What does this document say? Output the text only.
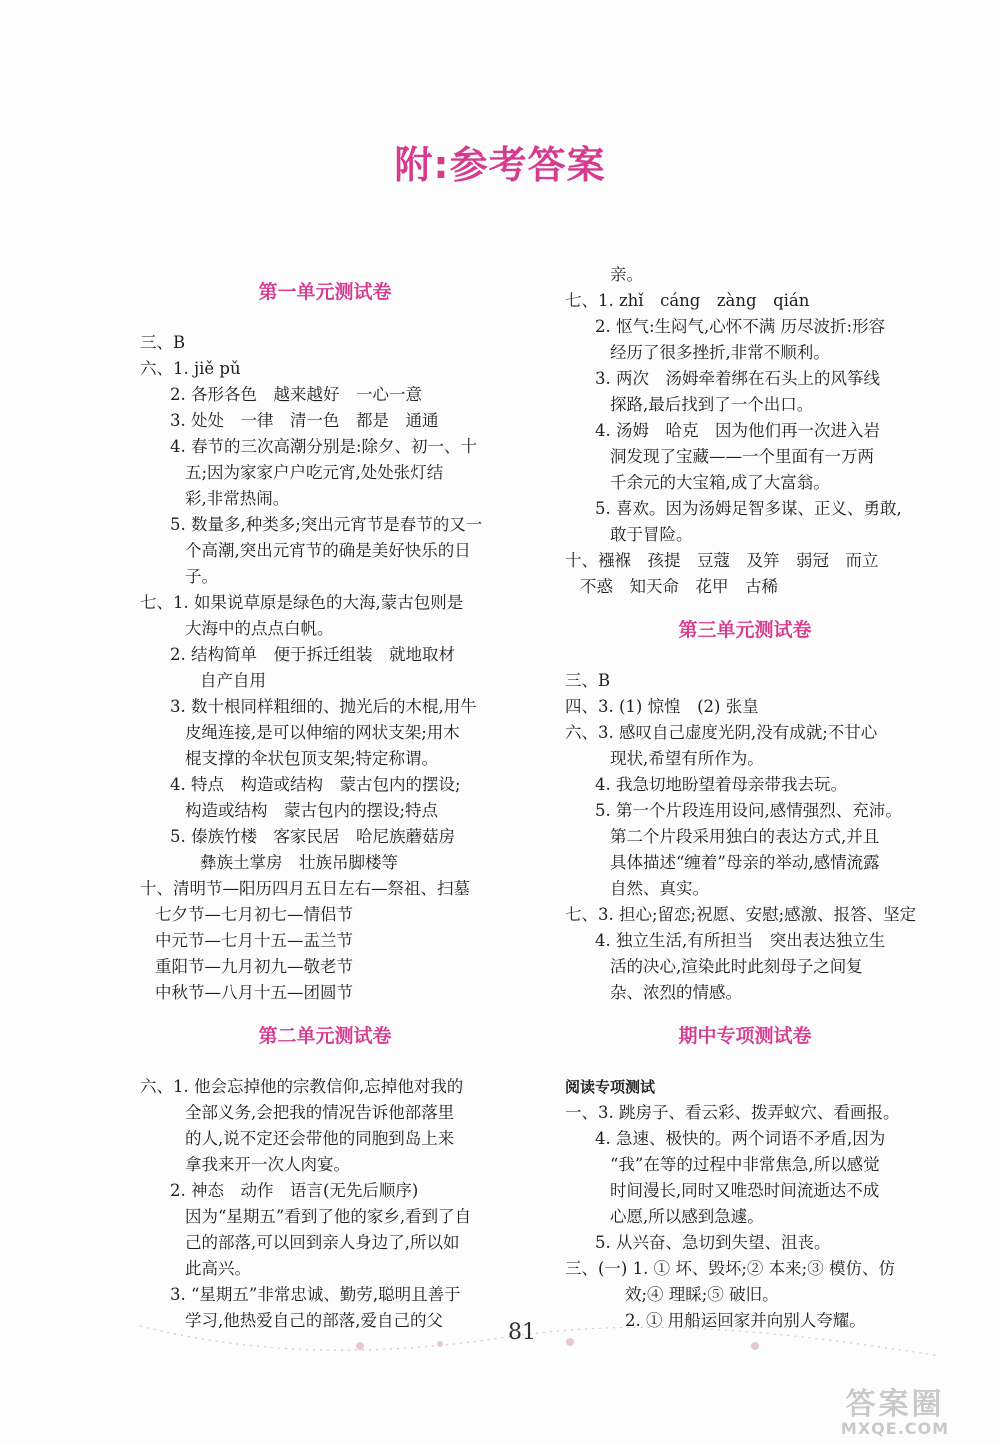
附:参考答案
第一单元测试卷
三、B
六、1. jiě pǔ
2. 各形各色　越来越好　一心一意
3. 处处　一律　清一色　都是　通通
4. 春节的三次高潮分别是:除夕、初一、十
五;因为家家户户吃元宵,处处张灯结
彩,非常热闹。
5. 数量多,种类多;突出元宵节是春节的又一
个高潮,突出元宵节的确是美好快乐的日
子。
七、1. 如果说草原是绿色的大海,蒙古包则是
大海中的点点白帆。
2. 结构简单　便于拆迁组装　就地取材
自产自用
3. 数十根同样粗细的、抛光后的木棍,用牛
皮绳连接,是可以伸缩的网状支架;用木
棍支撑的伞状包顶支架;特定称谓。
4. 特点　构造或结构　蒙古包内的摆设;
构造或结构　蒙古包内的摆设;特点
5. 傣族竹楼　客家民居　哈尼族蘑菇房
彝族土掌房　壮族吊脚楼等
十、清明节—阳历四月五日左右—祭祖、扫墓
七夕节—七月初七—情侣节
中元节—七月十五—盂兰节
重阳节—九月初九—敬老节
中秋节—八月十五—团圆节
第二单元测试卷
六、1. 他会忘掉他的宗教信仰,忘掉他对我的
全部义务,会把我的情况告诉他部落里
的人,说不定还会带他的同胞到岛上来
拿我来开一次人肉宴。
2. 神态　动作　语言(无先后顺序)
因为“星期五”看到了他的家乡,看到了自
己的部落,可以回到亲人身边了,所以如
此高兴。
3. “星期五”非常忠诚、勤劳,聪明且善于
学习,他热爱自己的部落,爱自己的父
亲。
七、1. zhǐ　cáng　zàng　qián
2. 怄气:生闷气,心怀不满 历尽波折:形容
经历了很多挫折,非常不顺利。
3. 两次　汤姆牵着绑在石头上的风筝线
探路,最后找到了一个出口。
4. 汤姆　哈克　因为他们再一次进入岩
洞发现了宝藏——一个里面有一万两
千余元的大宝箱,成了大富翁。
5. 喜欢。因为汤姆足智多谋、正义、勇敢,
敢于冒险。
十、襁褓　孩提　豆蔻　及笄　弱冠　而立
不惑　知天命　花甲　古稀
第三单元测试卷
三、B
四、3. (1) 惊惶　(2) 张皇
六、3. 感叹自己虚度光阴,没有成就;不甘心
现状,希望有所作为。
4. 我急切地盼望着母亲带我去玩。
5. 第一个片段连用设问,感情强烈、充沛。
第二个片段采用独白的表达方式,并且
具体描述“缠着”母亲的举动,感情流露
自然、真实。
七、3. 担心;留恋;祝愿、安慰;感激、报答、坚定
4. 独立生活,有所担当　突出表达独立生
活的决心,渲染此时此刻母子之间复
杂、浓烈的情感。
期中专项测试卷
阅读专项测试
一、3. 跳房子、看云彩、拨弄蚁穴、看画报。
4. 急速、极快的。两个词语不矛盾,因为
“我”在等的过程中非常焦急,所以感觉
时间漫长,同时又唯恐时间流逝达不成
心愿,所以感到急遽。
5. 从兴奋、急切到失望、沮丧。
三、(一) 1. ① 坏、毁坏;② 本来;③ 模仿、仿
效;④ 理睬;⑤ 破旧。
2. ① 用船运回家并向别人夸耀。
81
答案圈
MXQE.COM
